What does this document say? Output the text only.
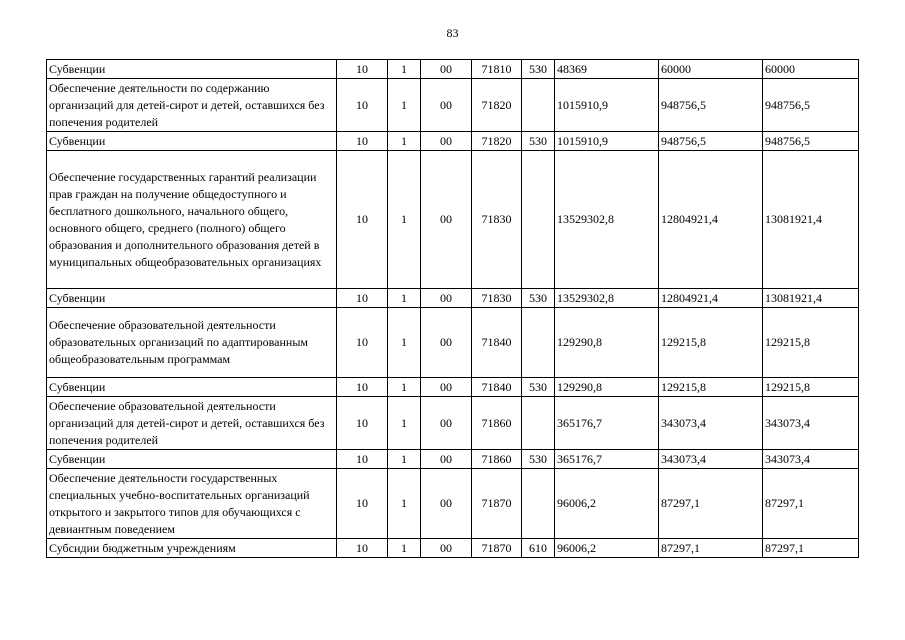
83
Субвенции	10	1	00	71810	530	48369	60000	60000
Обеспечение деятельности по содержанию организаций для детей-сирот и детей, оставшихся без попечения родителей	10	1	00	71820		1015910,9	948756,5	948756,5
Субвенции	10	1	00	71820	530	1015910,9	948756,5	948756,5
Обеспечение государственных гарантий реализации прав граждан на получение общедоступного и бесплатного дошкольного, начального общего, основного общего, среднего (полного) общего образования и дополнительного образования детей в муниципальных общеобразовательных организациях	10	1	00	71830		13529302,8	12804921,4	13081921,4
Субвенции	10	1	00	71830	530	13529302,8	12804921,4	13081921,4
Обеспечение образовательной деятельности образовательных организаций по адаптированным общеобразовательным программам	10	1	00	71840		129290,8	129215,8	129215,8
Субвенции	10	1	00	71840	530	129290,8	129215,8	129215,8
Обеспечение образовательной деятельности организаций для детей-сирот и детей, оставшихся без попечения родителей	10	1	00	71860		365176,7	343073,4	343073,4
Субвенции	10	1	00	71860	530	365176,7	343073,4	343073,4
Обеспечение деятельности государственных специальных учебно-воспитательных организаций открытого и закрытого типов для обучающихся с девиантным поведением	10	1	00	71870		96006,2	87297,1	87297,1
Субсидии бюджетным учреждениям	10	1	00	71870	610	96006,2	87297,1	87297,1
